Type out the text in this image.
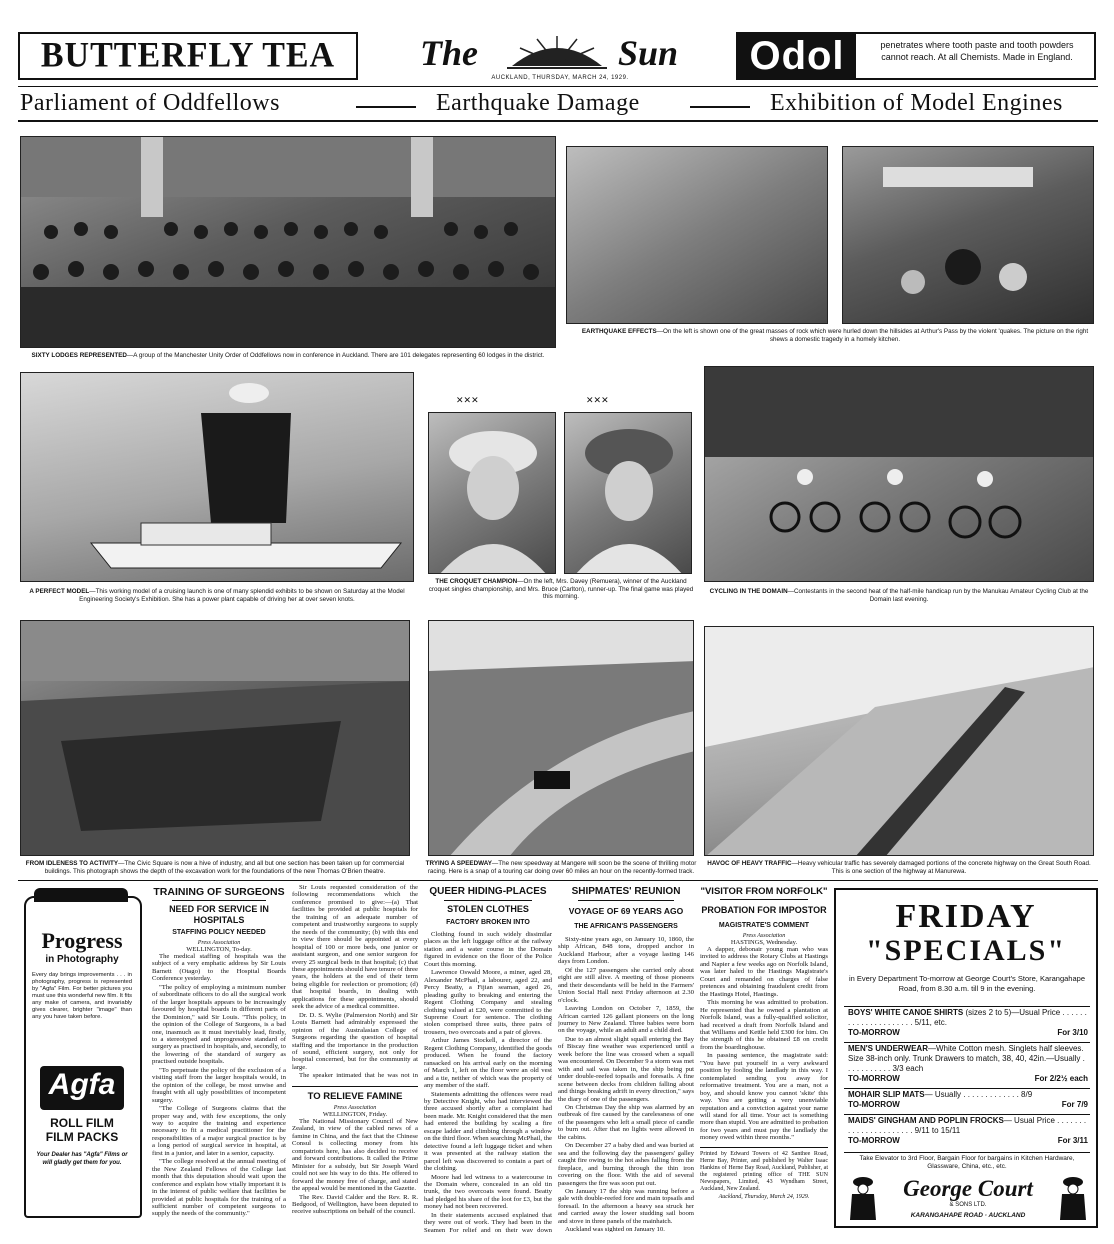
BUTTERFLY TEA The	Sun
AUCKLAND, THURSDAY, MARCH 24, 1929.	Odol	penetrates where tooth paste and tooth powders cannot reach. At all Chemists. Made in England.
Parliament of Oddfellows	Earthquake Damage	Exhibition of Model Engines
SIXTY LODGES REPRESENTED—A group of the Manchester Unity Order of Oddfellows now in conference in Auckland. There are 101 delegates representing 60 lodges in the district.
EARTHQUAKE EFFECTS—On the left is shown one of the great masses of rock which were hurled down the hillsides at Arthur's Pass by the violent 'quakes. The picture on the right shews a domestic tragedy in a homely kitchen.
A PERFECT MODEL—This working model of a cruising launch is one of many splendid exhibits to be shown on Saturday at the Model Engineering Society's Exhibition. She has a power plant capable of driving her at over seven knots.
✕✕✕	✕✕✕
THE CROQUET CHAMPION—On the left, Mrs. Davey (Remuera), winner of the Auckland croquet singles championship, and Mrs. Bruce (Carlton), runner-up. The final game was played this morning.
CYCLING IN THE DOMAIN—Contestants in the second heat of the half-mile handicap run by the Manukau Amateur Cycling Club at the Domain last evening.
FROM IDLENESS TO ACTIVITY—The Civic Square is now a hive of industry, and all but one section has been taken up for commercial buildings. This photograph shows the depth of the excavation work for the foundations of the new Thomas O'Brien theatre.
TRYING A SPEEDWAY—The new speedway at Mangere will soon be the scene of thrilling motor racing. Here is a snap of a touring car doing over 60 miles an hour on the recently-formed track.
HAVOC OF HEAVY TRAFFIC—Heavy vehicular traffic has severely damaged portions of the concrete highway on the Great South Road. This is one section of the highway at Manurewa.
Progress
in Photography
Every day brings improvements . . . in photography, progress is represented by "Agfa" Film. For better pictures you must use this wonderful new film. It fits any make of camera, and invariably gives clearer, brighter "image" than any you have taken before.
Agfa
ROLL FILM
FILM PACKS
Your Dealer has "Agfa" Films or will gladly get them for you.
TRAINING OF SURGEONS
NEED FOR SERVICE IN HOSPITALS
STAFFING POLICY NEEDED
Press Association
WELLINGTON, To-day.

The medical staffing of hospitals was the subject of a very emphatic address by Sir Louis Barnett (Otago) to the Hospital Boards Conference yesterday.

"The policy of employing a minimum number of subordinate officers to do all the surgical work of the larger hospitals appears to be increasingly favoured by hospital boards in different parts of the Dominion," said Sir Louis. "This policy, in the opinion of the College of Surgeons, is a bad one, inasmuch as it must inevitably lead, firstly, to a stereotyped and unprogressive standard of surgery as practised in hospitals, and, secondly, to the lowering of the standard of surgery as practised outside hospitals.

"To perpetuate the policy of the exclusion of a visiting staff from the larger hospitals would, in the opinion of the college, be most unwise and fraught with all ugly possibilities of incompetent surgery.

"The College of Surgeons claims that the proper way and, with few exceptions, the only way to acquire the training and experience necessary to fit a medical practitioner for the responsibilities of a major surgical practice is by a long period of surgical service in hospital, at first in a junior, and later in a senior, capacity.

"The college resolved at the annual meeting of the New Zealand Fellows of the College last month that this deputation should wait upon the conference and explain how vitally important it is in the interest of public welfare that facilities be provided at public hospitals for the training of a sufficient number of competent surgeons to supply the needs of the community."

Sir Louis requested consideration of the following recommendations which the conference promised to give:—(a) That facilities be provided at public hospitals for the training of an adequate number of competent and trustworthy surgeons to supply the needs of the community; (b) with this end in view there should be appointed at every hospital of 100 or more beds, one junior or assistant surgeon, and one senior surgeon for every 25 surgical beds in that hospital; (c) that these appointments should have tenure of three years, the holders at the end of their term being eligible for reelection or promotion; (d) that hospital boards, in dealing with applications for these appointments, should seek the advice of a medical committee.

Dr. D. S. Wylie (Palmerston North) and Sir Louis Barnett had admirably expressed the opinion of the Australasian College of Surgeons regarding the question of hospital staffing and the importance in the production of sound, efficient surgery, not only for hospital concerned, but for the community at large.

The speaker intimated that he was not in

TO RELIEVE FAMINE
Press Association
WELLINGTON, Friday.

The National Missionary Council of New Zealand, in view of the cabled news of a famine in China, and the fact that the Chinese Consul is collecting money from his compatriots here, has also decided to receive and forward contributions. It called the Prime Minister for a subsidy, but Sir Joseph Ward could not see his way to do this. He offered to forward the money free of charge, and stated the appeal would be mentioned in the Gazette.

The Rev. David Calder and the Rev. R. R. Bedgood, of Wellington, have been deputed to receive subscriptions on behalf of the council.

QUEER HIDING-PLACES
STOLEN CLOTHES
FACTORY BROKEN INTO

Clothing found in such widely dissimilar places as the left luggage office at the railway station and a water course in the Domain figured in evidence on the floor of the Police Court this morning.

Lawrence Oswald Moore, a miner, aged 28, Alexander McPhail, a labourer, aged 22, and Percy Beatty, a Fijian seaman, aged 26, pleading guilty to breaking and entering the Regent Clothing Company and stealing clothing valued at £20, were committed to the Supreme Court for sentence. The clothing stolen comprised three suits, three pairs of trousers, two overcoats and a pair of gloves.

Arthur James Stockell, a director of the Regent Clothing Company, identified the goods produced. When he found the factory ransacked on his arrival early on the morning of March 1, left on the floor were an old vest and a tie, neither of which was the property of any member of the staff.

Statements admitting the offences were read by Detective Knight, who had interviewed the three accused shortly after a complaint had been made. Mr. Knight considered that the men had entered the building by scaling a fire escape ladder and climbing through a window on the third floor. When searching McPhail, the detective found a left luggage ticket and when it was presented at the railway station the parcel left was discovered to contain a part of the clothing.

Moore had led witness to a watercourse in the Domain where, concealed in an old tin trunk, the two overcoats were found. Beatty had pledged his share of the loot for £3, but the money had not been recovered.

In their statements accused explained that they were out of work. They had been in the Seamen For relief and on their way down

SHIPMATES' REUNION
VOYAGE OF 69 YEARS AGO
THE AFRICAN'S PASSENGERS

Sixty-nine years ago, on January 10, 1860, the ship African, 848 tons, dropped anchor in Auckland Harbour, after a voyage lasting 146 days from London.

Of the 127 passengers she carried only about eight are still alive. A meeting of those pioneers and their descendants will be held in the Farmers' Union Social Hall next Friday afternoon at 2.30 o'clock.

Leaving London on October 7, 1859, the African carried 126 gallant pioneers on the long journey to New Zealand. Three babies were born on the voyage, while an adult and a child died.

Due to an almost slight squall entering the Bay of Biscay fine weather was experienced until a week before the line was crossed when a squall was encountered. On December 9 a storm was met with and sail was taken in, the ship being put under double-reefed topsails and foresails. A fine scene between decks from children falling about and things breaking adrift in every direction," says the diary of one of the passengers.

On Christmas Day the ship was alarmed by an outbreak of fire caused by the carelessness of one of the passengers who left a small piece of candle to burn out. After that no lights were allowed in the cabins.

On December 27 a baby died and was buried at sea and the following day the passengers' galley caught fire owing to the hot ashes falling from the fireplace, and burning through the thin iron covering on the floor. With the aid of several passengers the fire was soon put out.

On January 17 the ship was running before a gale with double-reefed fore and main topsails and foresail. In the afternoon a heavy sea struck her and carried away the lower studding sail boom and stove in three panels of the mainhatch.

Auckland was sighted on January 10.

"VISITOR FROM NORFOLK"
PROBATION FOR IMPOSTOR
MAGISTRATE'S COMMENT
Press Association
HASTINGS, Wednesday.

A dapper, debonair young man who was invited to address the Rotary Clubs at Hastings and Napier a few weeks ago on Norfolk Island, was later haled to the Hastings Magistrate's Court and remanded on charges of false pretences and obtaining fraudulent credit from the Hastings Hotel, Hastings.

This morning he was admitted to probation. He represented that he owned a plantation at Norfolk Island, was a fully-qualified solicitor, had received a draft from Norfolk Island and that Williams and Kettle held £300 for him. On the strength of this he obtained £8 on credit from the boardinghouse.

In passing sentence, the magistrate said: "You have put yourself in a very awkward position by fooling the landlady in this way. I contemplated sending you away for reformative treatment. You are a man, not a boy, and should know you cannot 'skite' this way. You are getting a very unenviable reputation and a conviction against your name will stand for all time. Your act is something more than stupid. You are admitted to probation for two years and must pay the landlady the money owed within three months."

Printed by Edward Towers of 42 Santhee Road, Herne Bay, Printer, and published by Walter Isaac Hankins of Herne Bay Road, Auckland, Publisher, at the registered printing office of THE SUN Newspapers, Limited, 43 Wyndham Street, Auckland, New Zealand.

Auckland, Thursday, March 24, 1929.

FRIDAY
"SPECIALS"
in Every Department To-morrow at George Court's Store, Karangahape Road, from 8.30 a.m. till 9 in the evening.
BOYS' WHITE CANOE SHIRTS (sizes 2 to 5)—Usual Price . . . . . . . . . . . . . . . . . . . . . 5/11, etc.
TO-MORROW	For 3/10
MEN'S UNDERWEAR—White Cotton mesh. Singlets half sleeves. Size 38-inch only. Trunk Drawers to match, 38, 40, 42in.—Usually . . . . . . . . . . . 3/3 each
TO-MORROW	For 2/2½ each
MOHAIR SLIP MATS— Usually . . . . . . . . . . . . . 8/9
TO-MORROW	For 7/9
MAIDS' GINGHAM AND POPLIN FROCKS— Usual Price . . . . . . . . . . . . . . . . . . . . . . 9/11 to 15/11
TO-MORROW	For 3/11
Take Elevator to 3rd Floor, Bargain Floor for bargains in Kitchen Hardware, Glassware, China, etc., etc.
George Court
& SONS LTD.
KARANGAHAPE ROAD · AUCKLAND
